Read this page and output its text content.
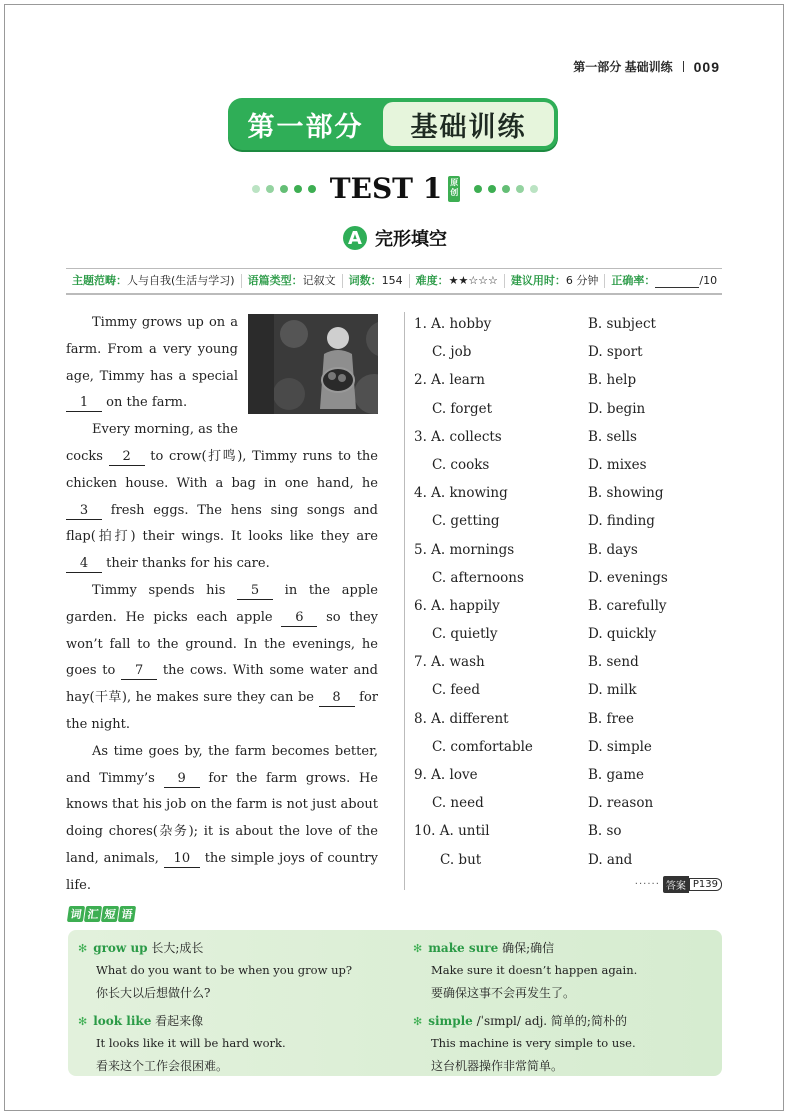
第一部分 基础训练 009
第一部分	基础训练
TEST 1 原创
A 完形填空
主题范畴：人与自我(生活与学习)	语篇类型：记叙文	词数：154	难度：★★☆☆☆	建议用时：6 分钟	正确率：	/10

Timmy grows up on a farm. From a very young age, Timmy has a special 1 on the farm.

Every morning, as the cocks 2 to crow(打鸣), Timmy runs to the chicken house. With a bag in one hand, he 3 fresh eggs. The hens sing songs and flap(拍打) their wings. It looks like they are 4 their thanks for his care.

Timmy spends his 5 in the apple garden. He picks each apple 6 so they won’t fall to the ground. In the evenings, he goes to 7 the cows. With some water and hay(干草), he makes sure they can be 8 for the night.

As time goes by, the farm becomes better, and Timmy’s 9 for the farm grows. He knows that his job on the farm is not just about doing chores(杂务); it is about the love of the land, animals, 10 the simple joys of country life.

1. A. hobby	B. subject
C. job	D. sport
2. A. learn	B. help
C. forget	D. begin
3. A. collects	B. sells
C. cooks	D. mixes
4. A. knowing	B. showing
C. getting	D. finding
5. A. mornings	B. days
C. afternoons	D. evenings
6. A. happily	B. carefully
C. quietly	D. quickly
7. A. wash	B. send
C. feed	D. milk
8. A. different	B. free
C. comfortable	D. simple
9. A. love	B. game
C. need	D. reason
10. A. until	B. so
C. but	D. and
······ 答案 P139
词 汇 短 语
✻ grow up 长大;成长
What do you want to be when you grow up?
你长大以后想做什么?
✻ look like 看起来像
It looks like it will be hard work.
看来这个工作会很困难。
✻ make sure 确保;确信
Make sure it doesn’t happen again.
要确保这事不会再发生了。
✻ simple /ˈsɪmpl/ adj. 简单的;简朴的
This machine is very simple to use.
这台机器操作非常简单。
